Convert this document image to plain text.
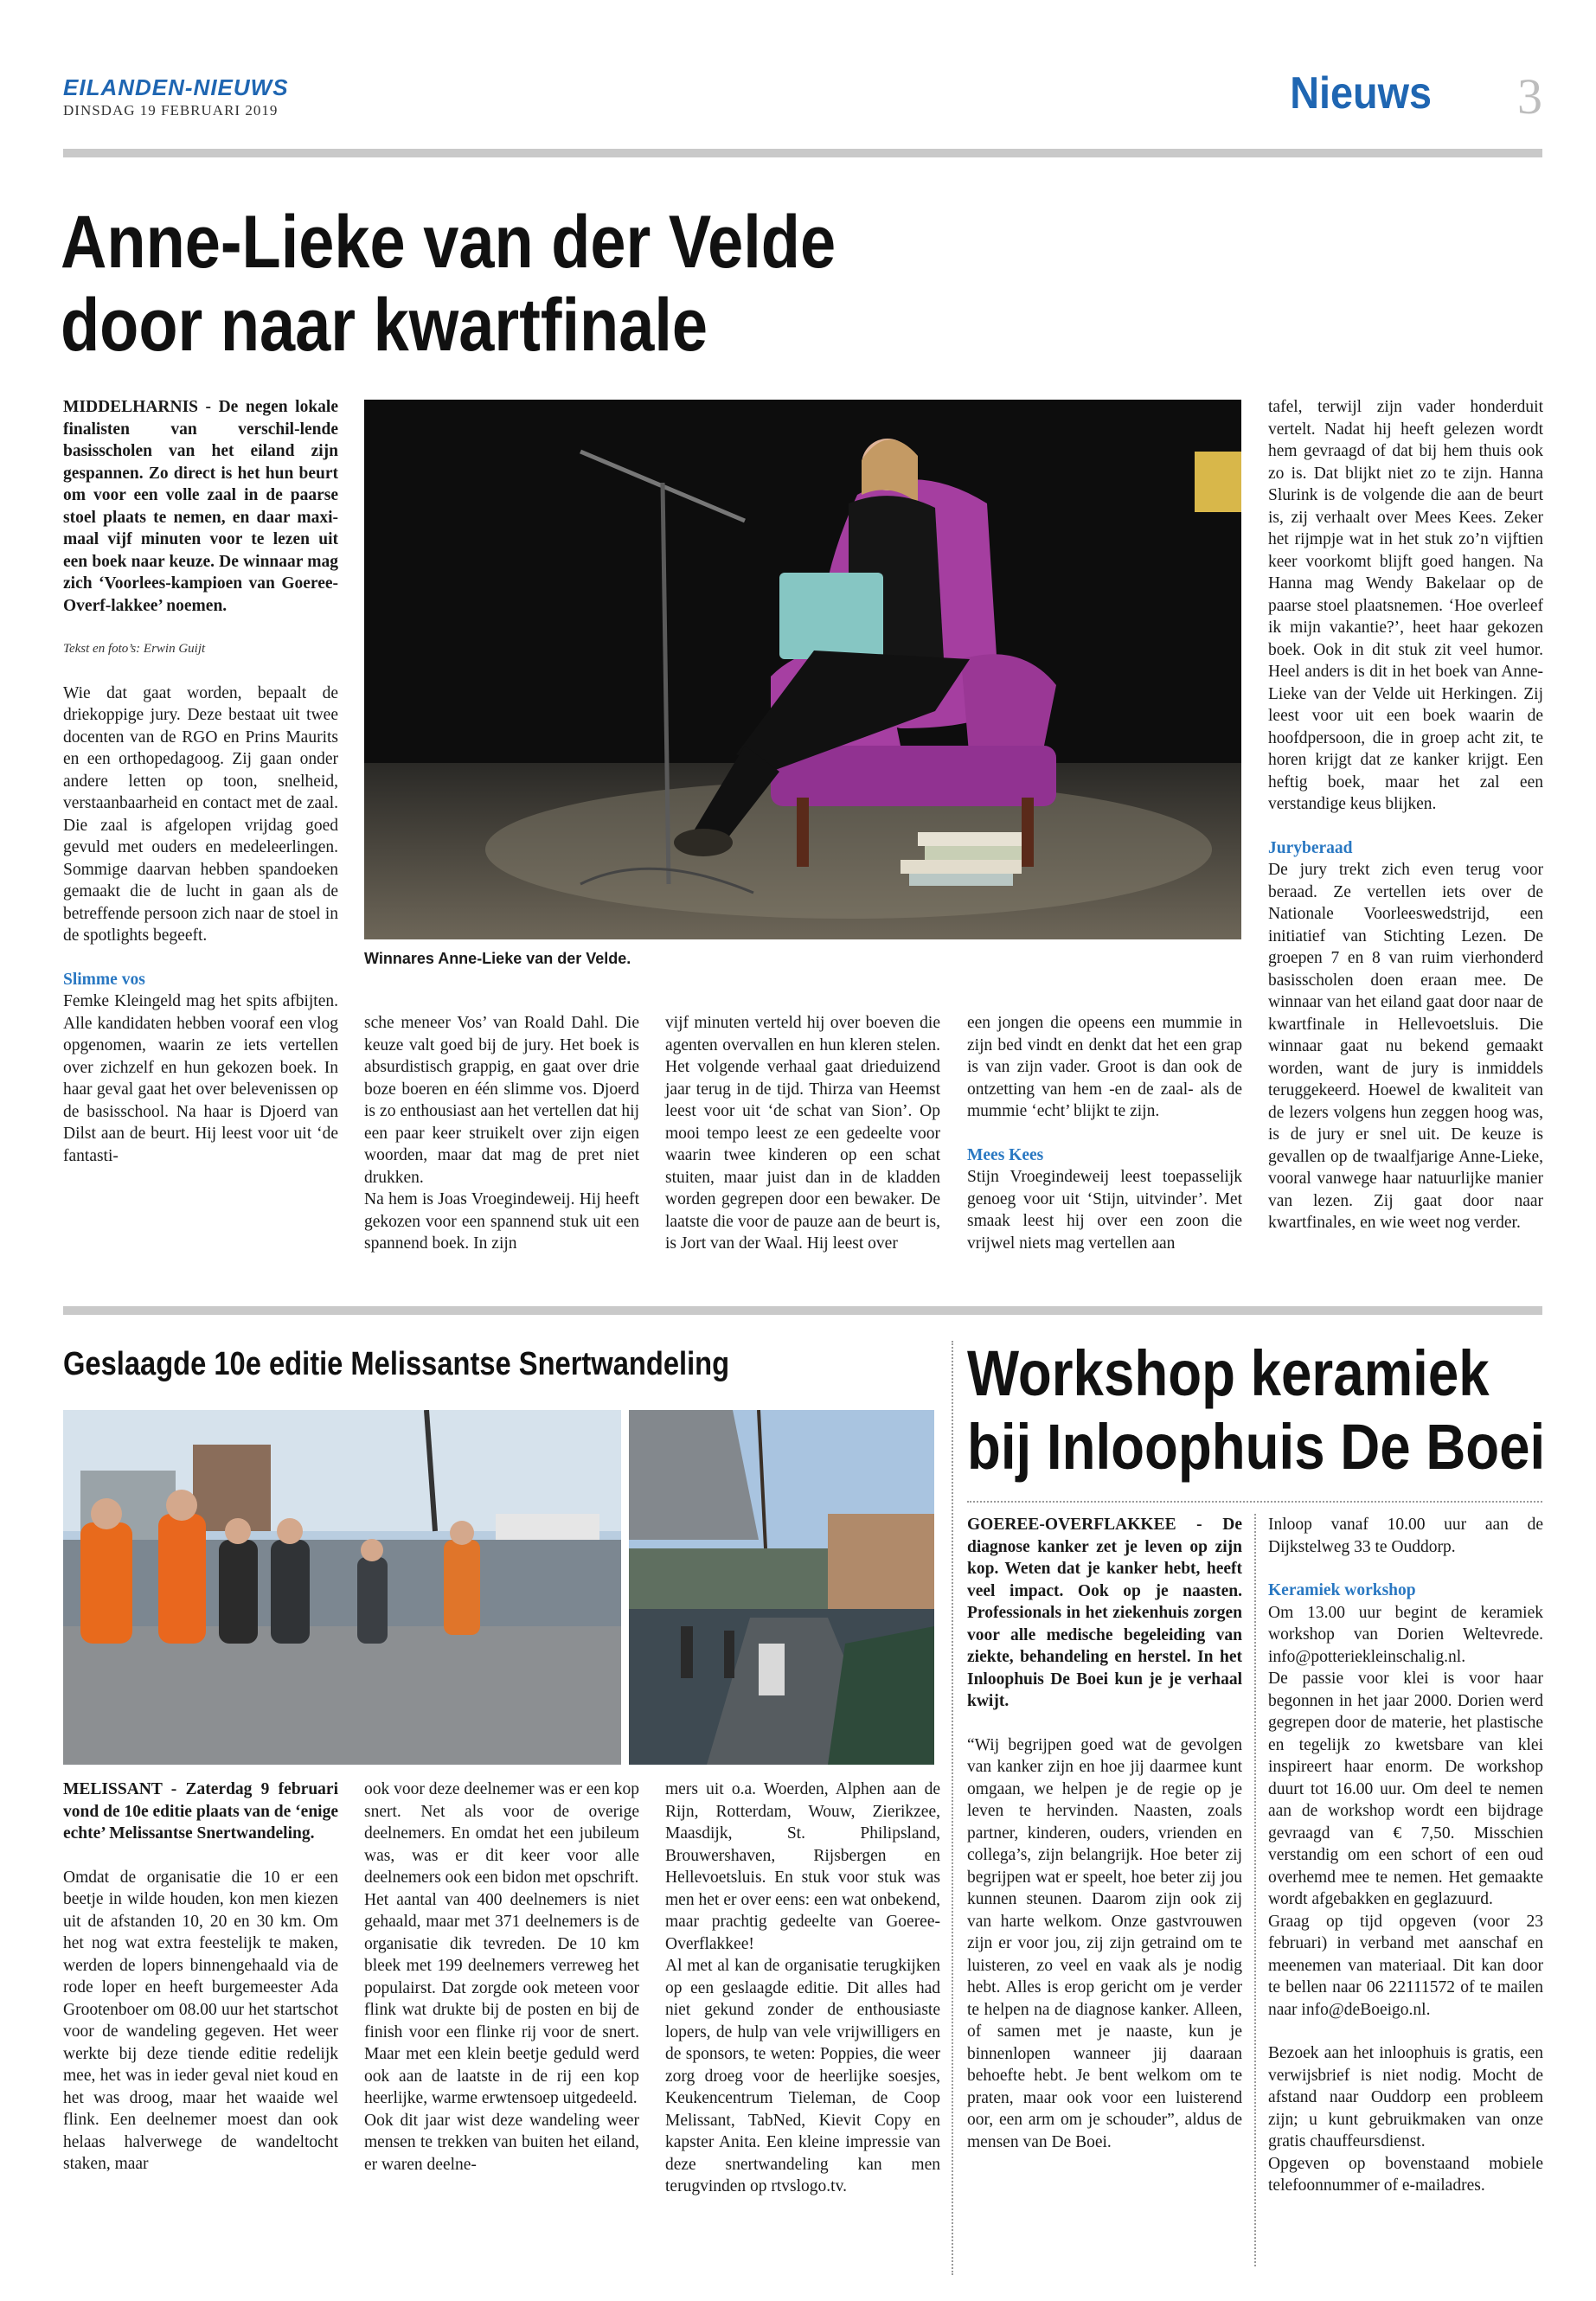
EILANDEN-NIEUWS
DINSDAG 19 FEBRUARI 2019	Nieuws 3
Anne-Lieke van der Velde
door naar kwartfinale

MIDDELHARNIS - De negen lokale finalisten van verschil-lende basisscholen van het eiland zijn gespannen. Zo direct is het hun beurt om voor een volle zaal in de paarse stoel plaats te nemen, en daar maxi-maal vijf minuten voor te lezen uit een boek naar keuze. De winnaar mag zich ‘Voorlees-kampioen van Goeree-Overf-lakkee’ noemen.

Tekst en foto’s: Erwin Guijt

Wie dat gaat worden, bepaalt de driekoppige jury. Deze bestaat uit twee docenten van de RGO en Prins Maurits en een orthopedagoog. Zij gaan onder andere letten op toon, snelheid, verstaanbaarheid en contact met de zaal. Die zaal is afgelopen vrijdag goed gevuld met ouders en medeleerlingen. Sommige daarvan hebben spandoeken gemaakt die de lucht in gaan als de betreffende persoon zich naar de stoel in de spotlights begeeft.

Slimme vos

Femke Kleingeld mag het spits afbijten. Alle kandidaten hebben vooraf een vlog opgenomen, waarin ze iets vertellen over zichzelf en hun gekozen boek. In haar geval gaat het over belevenissen op de basisschool. Na haar is Djoerd van Dilst aan de beurt. Hij leest voor uit ‘de fantasti-

Winnares Anne-Lieke van der Velde.
sche meneer Vos’ van Roald Dahl. Die keuze valt goed bij de jury. Het boek is absurdistisch grappig, en gaat over drie boze boeren en één slimme vos. Djoerd is zo enthousiast aan het vertellen dat hij een paar keer struikelt over zijn eigen woorden, maar dat mag de pret niet drukken.
Na hem is Joas Vroegindeweij. Hij heeft gekozen voor een spannend stuk uit een spannend boek. In zijn
vijf minuten verteld hij over boeven die agenten overvallen en hun kleren stelen. Het volgende verhaal gaat drieduizend jaar terug in de tijd. Thirza van Heemst leest voor uit ‘de schat van Sion’. Op mooi tempo leest ze een gedeelte voor waarin twee kinderen op een schat stuiten, maar juist dan in de kladden worden gegrepen door een bewaker. De laatste die voor de pauze aan de beurt is, is Jort van der Waal. Hij leest over

een jongen die opeens een mummie in zijn bed vindt en denkt dat het een grap is van zijn vader. Groot is dan ook de ontzetting van hem -en de zaal- als de mummie ‘echt’ blijkt te zijn.

Mees Kees

Stijn Vroegindeweij leest toepasselijk genoeg voor uit ‘Stijn, uitvinder’. Met smaak leest hij over een zoon die vrijwel niets mag vertellen aan

tafel, terwijl zijn vader honderduit vertelt. Nadat hij heeft gelezen wordt hem gevraagd of dat bij hem thuis ook zo is. Dat blijkt niet zo te zijn. Hanna Slurink is de volgende die aan de beurt is, zij verhaalt over Mees Kees. Zeker het rijmpje wat in het stuk zo’n vijftien keer voorkomt blijft goed hangen. Na Hanna mag Wendy Bakelaar op de paarse stoel plaatsnemen. ‘Hoe overleef ik mijn vakantie?’, heet haar gekozen boek. Ook in dit stuk zit veel humor. Heel anders is dit in het boek van Anne-Lieke van der Velde uit Herkingen. Zij leest voor uit een boek waarin de hoofdpersoon, die in groep acht zit, te horen krijgt dat ze kanker krijgt. Een heftig boek, maar het zal een verstandige keus blijken.

Juryberaad

De jury trekt zich even terug voor beraad. Ze vertellen iets over de Nationale Voorleeswedstrijd, een initiatief van Stichting Lezen. De groepen 7 en 8 van ruim vierhonderd basisscholen doen eraan mee. De winnaar van het eiland gaat door naar de kwartfinale in Hellevoetsluis. Die winnaar gaat nu bekend gemaakt worden, want de jury is inmiddels teruggekeerd. Hoewel de kwaliteit van de lezers volgens hun zeggen hoog was, is de jury er snel uit. De keuze is gevallen op de twaalfjarige Anne-Lieke, vooral vanwege haar natuurlijke manier van lezen. Zij gaat door naar kwartfinales, en wie weet nog verder.

Geslaagde 10e editie Melissantse Snertwandeling

MELISSANT - Zaterdag 9 februari vond de 10e editie plaats van de ‘enige echte’ Melissantse Snertwandeling.

Omdat de organisatie die 10 er een beetje in wilde houden, kon men kiezen uit de afstanden 10, 20 en 30 km. Om het nog wat extra feestelijk te maken, werden de lopers binnengehaald via de rode loper en heeft burgemeester Ada Grootenboer om 08.00 uur het startschot voor de wandeling gegeven. Het weer werkte bij deze tiende editie redelijk mee, het was in ieder geval niet koud en het was droog, maar het waaide wel flink. Een deelnemer moest dan ook helaas halverwege de wandeltocht staken, maar

ook voor deze deelnemer was er een kop snert. Net als voor de overige deelnemers. En omdat het een jubileum was, was er dit keer voor alle deelnemers ook een bidon met opschrift.
Het aantal van 400 deelnemers is niet gehaald, maar met 371 deelnemers is de organisatie dik tevreden. De 10 km bleek met 199 deelnemers verreweg het populairst. Dat zorgde ook meteen voor flink wat drukte bij de posten en bij de finish voor een flinke rij voor de snert. Maar met een klein beetje geduld werd ook aan de laatste in de rij een kop heerlijke, warme erwtensoep uitgedeeld.
Ook dit jaar wist deze wandeling weer mensen te trekken van buiten het eiland, er waren deelne-
mers uit o.a. Woerden, Alphen aan de Rijn, Rotterdam, Wouw, Zierikzee, Maasdijk, St. Philipsland, Brouwershaven, Rijsbergen en Hellevoetsluis. En stuk voor stuk was men het er over eens: een wat onbekend, maar prachtig gedeelte van Goeree-Overflakkee!
Al met al kan de organisatie terugkijken op een geslaagde editie. Dit alles had niet gekund zonder de enthousiaste lopers, de hulp van vele vrijwilligers en de sponsors, te weten: Poppies, die weer zorg droeg voor de heerlijke soesjes, Keukencentrum Tieleman, de Coop Melissant, TabNed, Kievit Copy en kapster Anita. Een kleine impressie van deze snertwandeling kan men terugvinden op rtvslogo.tv.
Workshop keramiek
bij Inloophuis De Boei

GOEREE-OVERFLAKKEE - De diagnose kanker zet je leven op zijn kop. Weten dat je kanker hebt, heeft veel impact. Ook op je naasten. Professionals in het ziekenhuis zorgen voor alle medische begeleiding van ziekte, behandeling en herstel. In het Inloophuis De Boei kun je je verhaal kwijt.

“Wij begrijpen goed wat de gevolgen van kanker zijn en hoe jij daarmee kunt omgaan, we helpen je de regie op je leven te hervinden. Naasten, zoals partner, kinderen, ouders, vrienden en collega’s, zijn belangrijk. Hoe beter zij begrijpen wat er speelt, hoe beter zij jou kunnen steunen. Daarom zijn ook zij van harte welkom. Onze gastvrouwen zijn er voor jou, zij zijn getraind om te luisteren, zo veel en vaak als je nodig hebt. Alles is erop gericht om je verder te helpen na de diagnose kanker. Alleen, of samen met je naaste, kun je binnenlopen wanneer jij daaraan behoefte hebt. Je bent welkom om te praten, maar ook voor een luisterend oor, een arm om je schouder”, aldus de mensen van De Boei.

Inloop vanaf 10.00 uur aan de Dijkstelweg 33 te Ouddorp.

Keramiek workshop

Om 13.00 uur begint de keramiek workshop van Dorien Weltevrede. info@potteriekleinschalig.nl.
De passie voor klei is voor haar begonnen in het jaar 2000. Dorien werd gegrepen door de materie, het plastische en tegelijk zo kwetsbare van klei inspireert haar enorm. De workshop duurt tot 16.00 uur. Om deel te nemen aan de workshop wordt een bijdrage gevraagd van € 7,50. Misschien verstandig om een schort of een oud overhemd mee te nemen. Het gemaakte wordt afgebakken en geglazuurd.
Graag op tijd opgeven (voor 23 februari) in verband met aanschaf en meenemen van materiaal. Dit kan door te bellen naar 06 22111572 of te mailen naar info@deBoeigo.nl.

Bezoek aan het inloophuis is gratis, een verwijsbrief is niet nodig. Mocht de afstand naar Ouddorp een probleem zijn; u kunt gebruikmaken van onze gratis chauffeursdienst.
Opgeven op bovenstaand mobiele telefoonnummer of e-mailadres.
